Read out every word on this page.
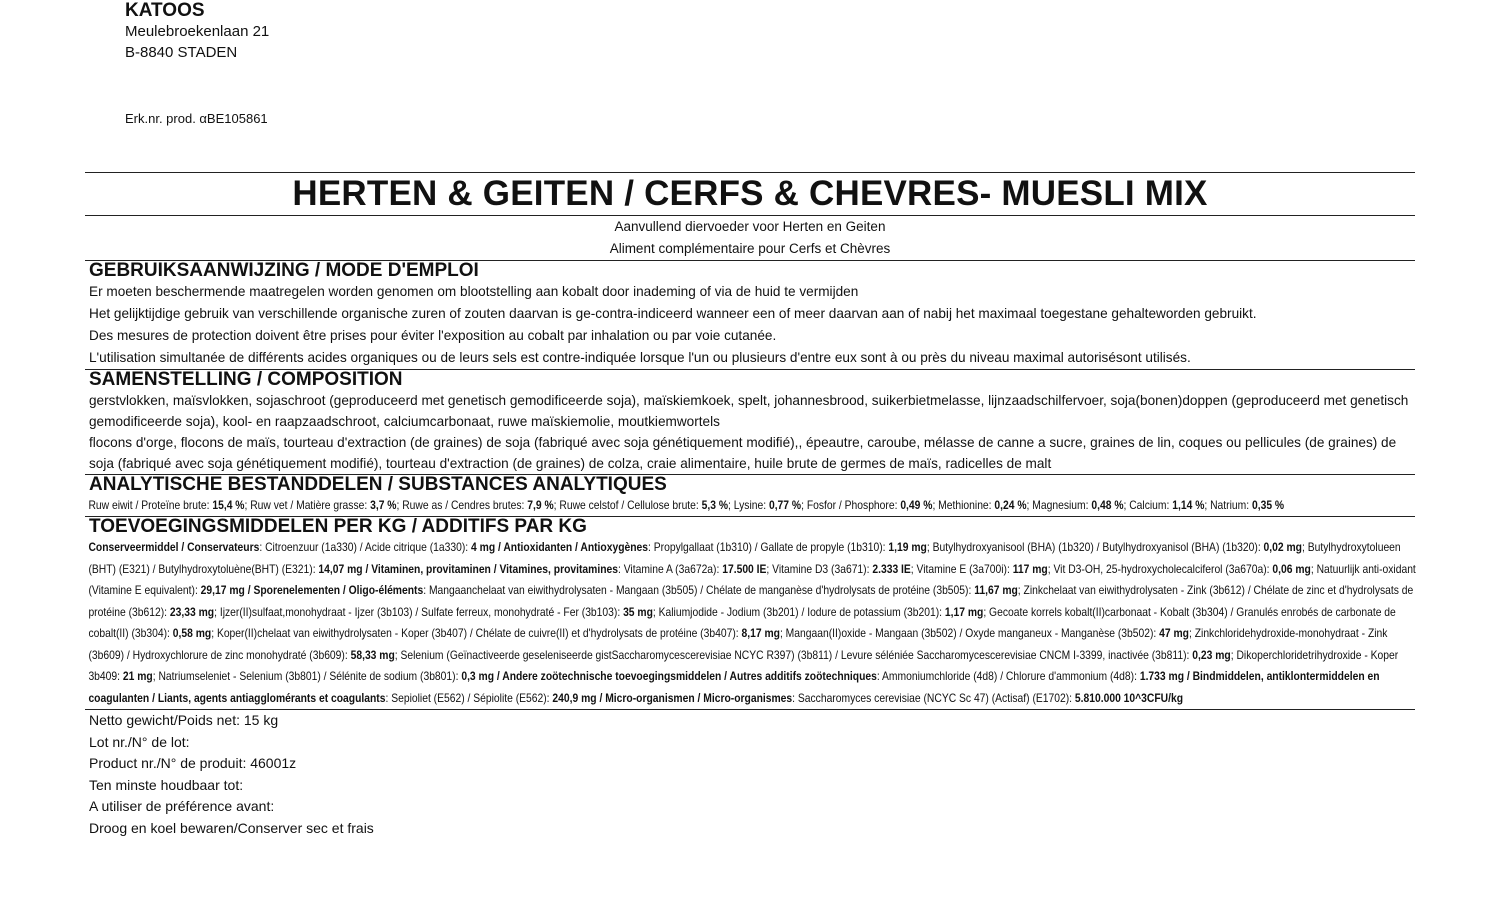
KATOOS
Meulebroekenlaan 21
B-8840 STADEN
Erk.nr. prod. αBE105861
HERTEN & GEITEN / CERFS & CHEVRES- MUESLI MIX
Aanvullend diervoeder voor Herten en Geiten
Aliment complémentaire pour Cerfs et Chèvres
GEBRUIKSAANWIJZING / MODE D'EMPLOI
Er moeten beschermende maatregelen worden genomen om blootstelling aan kobalt door inademing of via de huid te vermijden
Het gelijktijdige gebruik van verschillende organische zuren of zouten daarvan is ge-contra-indiceerd wanneer een of meer daarvan aan of nabij het maximaal toegestane gehalteworden gebruikt.
Des mesures de protection doivent être prises pour éviter l'exposition au cobalt par inhalation ou par voie cutanée.
L'utilisation simultanée de différents acides organiques ou de leurs sels est contre-indiquée lorsque l'un ou plusieurs d'entre eux sont à ou près du niveau maximal autorisésont utilisés.
SAMENSTELLING / COMPOSITION
gerstvlokken, maïsvlokken, sojaschroot (geproduceerd met genetisch gemodificeerde soja), maïskiemkoek, spelt, johannesbrood, suikerbietmelasse, lijnzaadschilfervoer, soja(bonen)doppen (geproduceerd met genetisch gemodificeerde soja), kool- en raapzaadschroot, calciumcarbonaat, ruwe maïskiemolie, moutkiemwortels
flocons d'orge, flocons de maïs, tourteau d'extraction (de graines) de soja (fabriqué avec soja génétiquement modifié),, épeautre, caroube, mélasse de canne a sucre, graines de lin, coques ou pellicules (de graines) de soja (fabriqué avec soja génétiquement modifié), tourteau d'extraction (de graines) de colza, craie alimentaire, huile brute de germes de maïs, radicelles de malt
ANALYTISCHE BESTANDDELEN / SUBSTANCES ANALYTIQUES
Ruw eiwit / Proteïne brute: 15,4 %; Ruw vet / Matière grasse: 3,7 %; Ruwe as / Cendres brutes: 7,9 %; Ruwe celstof / Cellulose brute: 5,3 %; Lysine: 0,77 %; Fosfor / Phosphore: 0,49 %; Methionine: 0,24 %; Magnesium: 0,48 %; Calcium: 1,14 %; Natrium: 0,35 %
TOEVOEGINGSMIDDELEN PER KG / ADDITIFS PAR KG
Conserveermiddel / Conservateurs: Citroenzuur (1a330) / Acide citrique (1a330): 4 mg / Antioxidanten / Antioxygènes: Propylgallaat (1b310) / Gallate de propyle (1b310): 1,19 mg; Butylhydroxyanisool (BHA) (1b320) / Butylhydroxyanisol (BHA) (1b320): 0,02 mg; Butylhydroxytolueen (BHT) (E321) / Butylhydroxytoluène(BHT) (E321): 14,07 mg / Vitaminen, provitaminen / Vitamines, provitamines: Vitamine A (3a672a): 17.500 IE; Vitamine D3 (3a671): 2.333 IE; Vitamine E (3a700i): 117 mg; Vit D3-OH, 25-hydroxycholecalciferol (3a670a): 0,06 mg; Natuurlijk anti-oxidant (Vitamine E equivalent): 29,17 mg / Sporenelementen / Oligo-éléments: Mangaanchelaat van eiwithydrolysaten - Mangaan (3b505) / Chélate de manganèse d'hydrolysats de protéine (3b505): 11,67 mg; Zinkchelaat van eiwithydrolysaten - Zink (3b612) / Chélate de zinc et d'hydrolysats de protéine (3b612): 23,33 mg; Ijzer(II)sulfaat,monohydraat - Ijzer (3b103) / Sulfate ferreux, monohydraté - Fer (3b103): 35 mg; Kaliumjodide - Jodium (3b201) / Iodure de potassium (3b201): 1,17 mg; Gecoate korrels kobalt(II)carbonaat - Kobalt (3b304) / Granulés enrobés de carbonate de cobalt(II) (3b304): 0,58 mg; Koper(II)chelaat van eiwithydrolysaten - Koper (3b407) / Chélate de cuivre(II) et d'hydrolysats de protéine (3b407): 8,17 mg; Mangaan(II)oxide - Mangaan (3b502) / Oxyde manganeux - Manganèse (3b502): 47 mg; Zinkchloridehydroxide-monohydraat - Zink (3b609) / Hydroxychlorure de zinc monohydraté (3b609): 58,33 mg; Selenium (Geïnactiveerde geseleniseerde gistSaccharomycescerevisiae NCYC R397) (3b811) / Levure séléniée Saccharomycescerevisiae CNCM I-3399, inactivée (3b811): 0,23 mg; Dikoperchloridetrihydroxide - Koper 3b409: 21 mg; Natriumseleniet - Selenium (3b801) / Sélénite de sodium (3b801): 0,3 mg / Andere zoötechnische toevoegingsmiddelen / Autres additifs zoötechniques: Ammoniumchloride (4d8) / Chlorure d'ammonium (4d8): 1.733 mg / Bindmiddelen, antiklontermiddelen en coagulanten / Liants, agents antiagglomérants et coagulants: Sepioliet (E562) / Sépiolite (E562): 240,9 mg / Micro-organismen / Micro-organismes: Saccharomyces cerevisiae (NCYC Sc 47) (Actisaf) (E1702): 5.810.000 10^3CFU/kg
Netto gewicht/Poids net: 15 kg
Lot nr./N° de lot:
Product nr./N° de produit: 46001z
Ten minste houdbaar tot:
A utiliser de préférence avant:
Droog en koel bewaren/Conserver sec et frais
